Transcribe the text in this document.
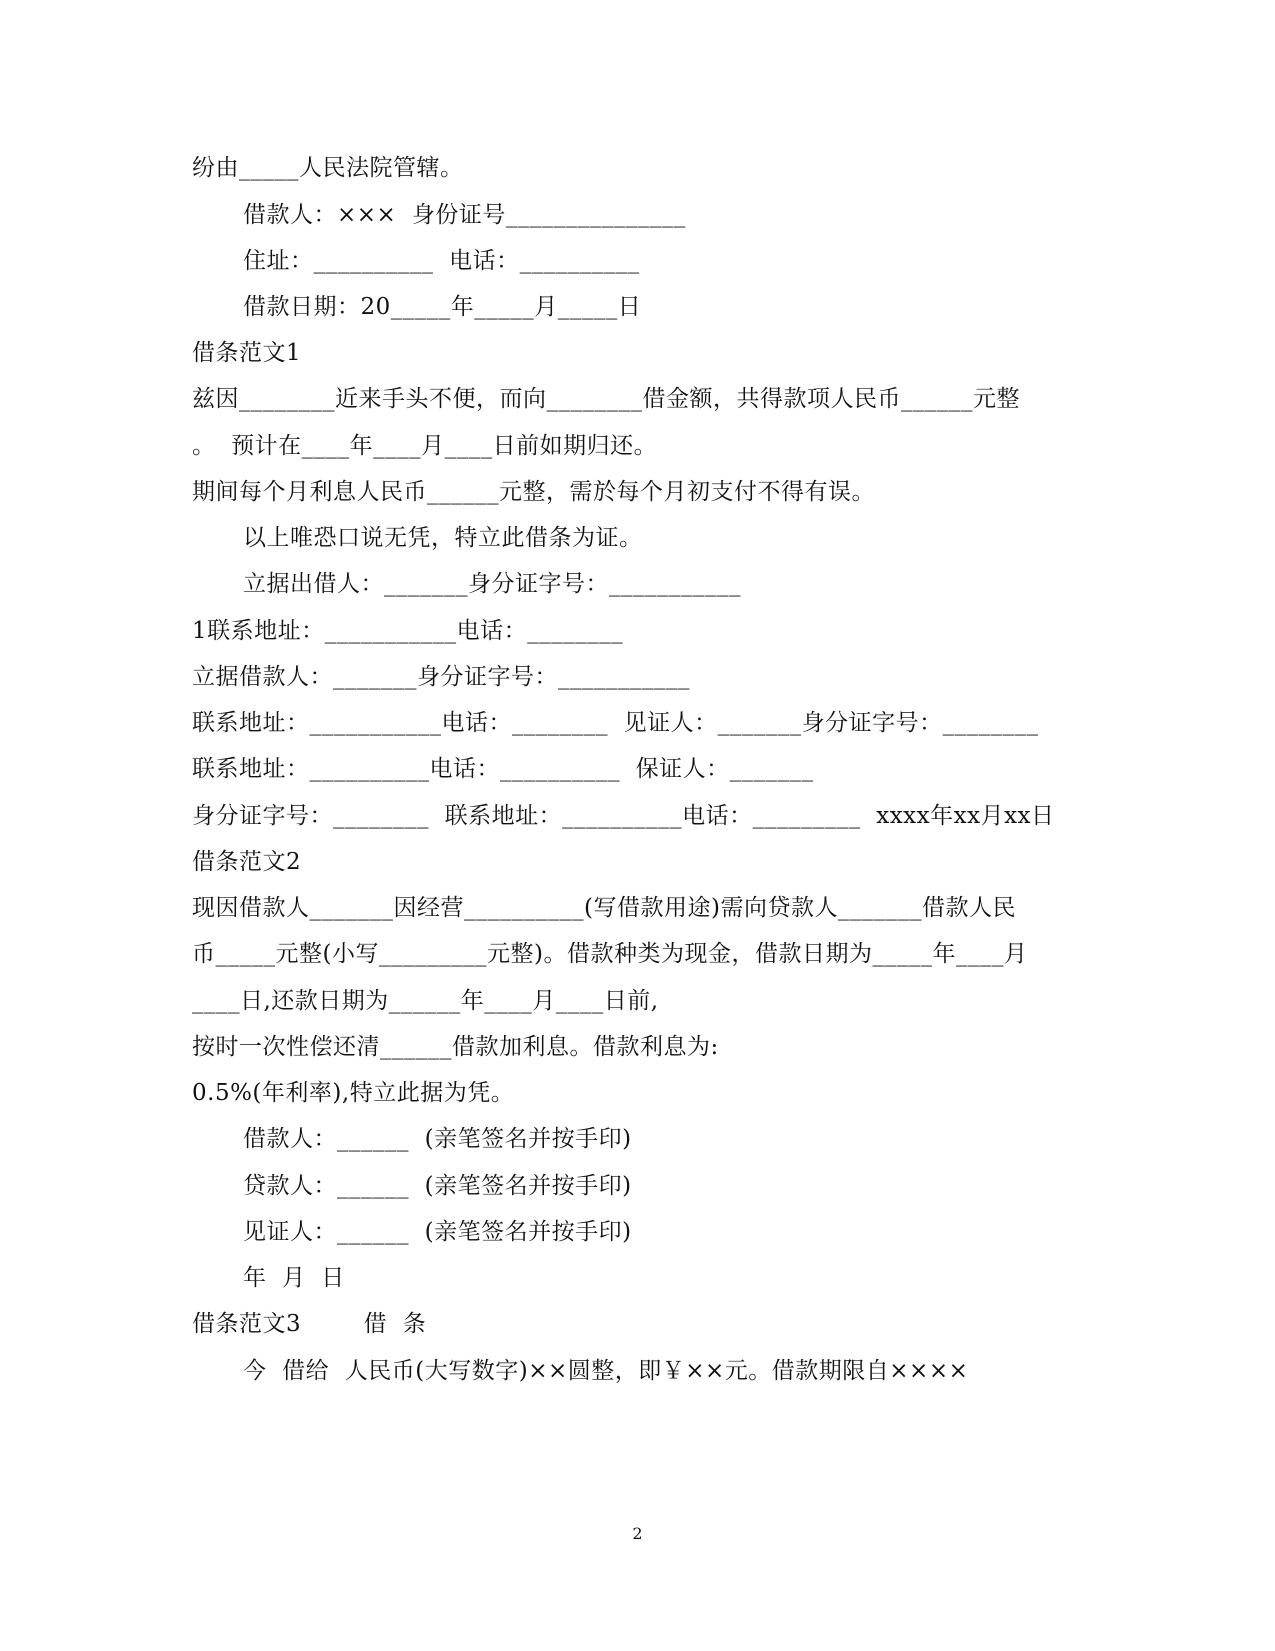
纷由_____人民法院管辖。
借款人：×××  身份证号_______________
住址：__________  电话：__________
借款日期：20_____年_____月_____日
借条范文1
兹因________近来手头不便，而向________借金额，共得款项人民币______元整
。  预计在____年____月____日前如期归还。
期间每个月利息人民币______元整，需於每个月初支付不得有误。
以上唯恐口说无凭，特立此借条为证。
立据出借人：_______身分证字号：___________
1联系地址：___________电话：________
立据借款人：_______身分证字号：___________
联系地址：___________电话：________  见证人：_______身分证字号：________
联系地址：__________电话：__________  保证人：_______
身分证字号：________  联系地址：__________电话：_________  xxxx年xx月xx日
借条范文2
现因借款人_______因经营__________(写借款用途)需向贷款人_______借款人民
币_____元整(小写_________元整)。借款种类为现金，借款日期为_____年____月
____日,还款日期为______年____月____日前,
按时一次性偿还清______借款加利息。借款利息为:
0.5%(年利率),特立此据为凭。
借款人：______  (亲笔签名并按手印)
贷款人：______  (亲笔签名并按手印)
见证人：______  (亲笔签名并按手印)
年  月  日
借条范文3        借  条
今  借给  人民币(大写数字)××圆整，即￥××元。借款期限自××××
2
